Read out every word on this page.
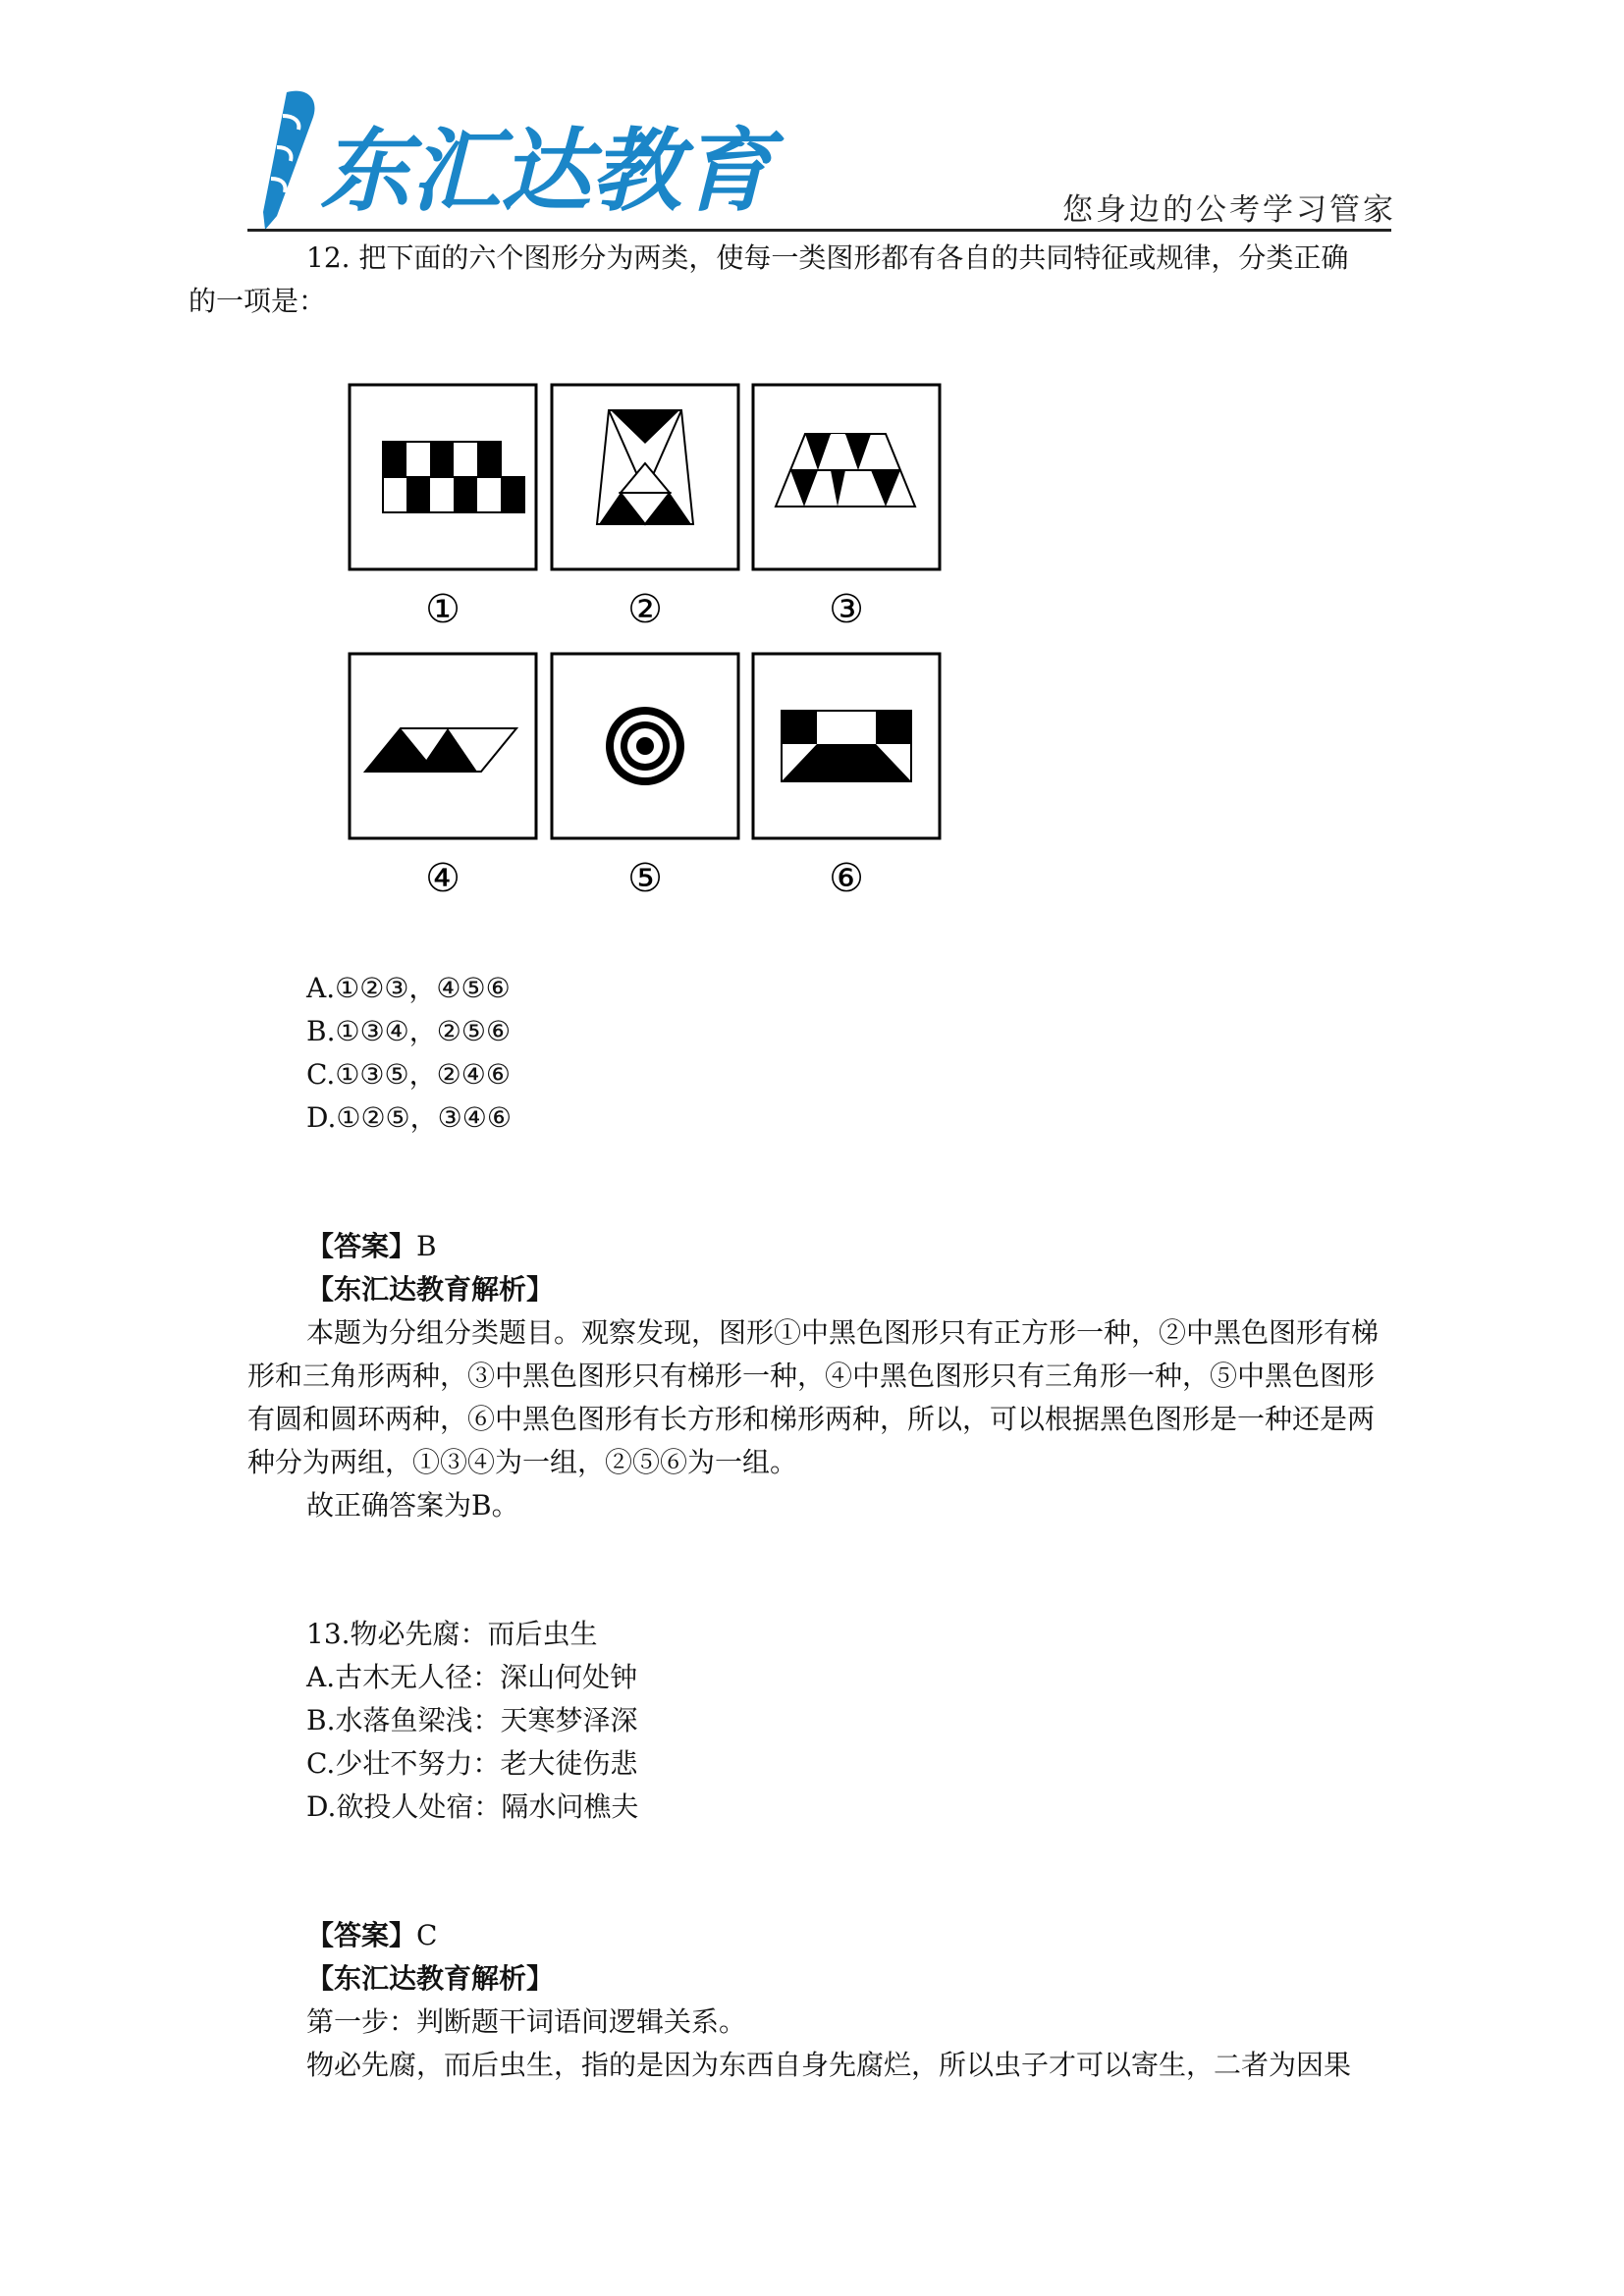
东汇达教育	您身边的公考学习管家
12. 把下面的六个图形分为两类，使每一类图形都有各自的共同特征或规律，分类正确
的一项是：
①	②	③
④	⑤	⑥
A.①②③，④⑤⑥
B.①③④，②⑤⑥
C.①③⑤，②④⑥
D.①②⑤，③④⑥
【答案】B
【东汇达教育解析】
本题为分组分类题目。观察发现，图形①中黑色图形只有正方形一种，②中黑色图形有梯形和三角形两种，③中黑色图形只有梯形一种，④中黑色图形只有三角形一种，⑤中黑色图形有圆和圆环两种，⑥中黑色图形有长方形和梯形两种，所以，可以根据黑色图形是一种还是两种分为两组，①③④为一组，②⑤⑥为一组。
故正确答案为B。
13.物必先腐：而后虫生
A.古木无人径：深山何处钟
B.水落鱼梁浅：天寒梦泽深
C.少壮不努力：老大徒伤悲
D.欲投人处宿：隔水问樵夫
【答案】C
【东汇达教育解析】
第一步：判断题干词语间逻辑关系。
物必先腐，而后虫生，指的是因为东西自身先腐烂，所以虫子才可以寄生，二者为因果
